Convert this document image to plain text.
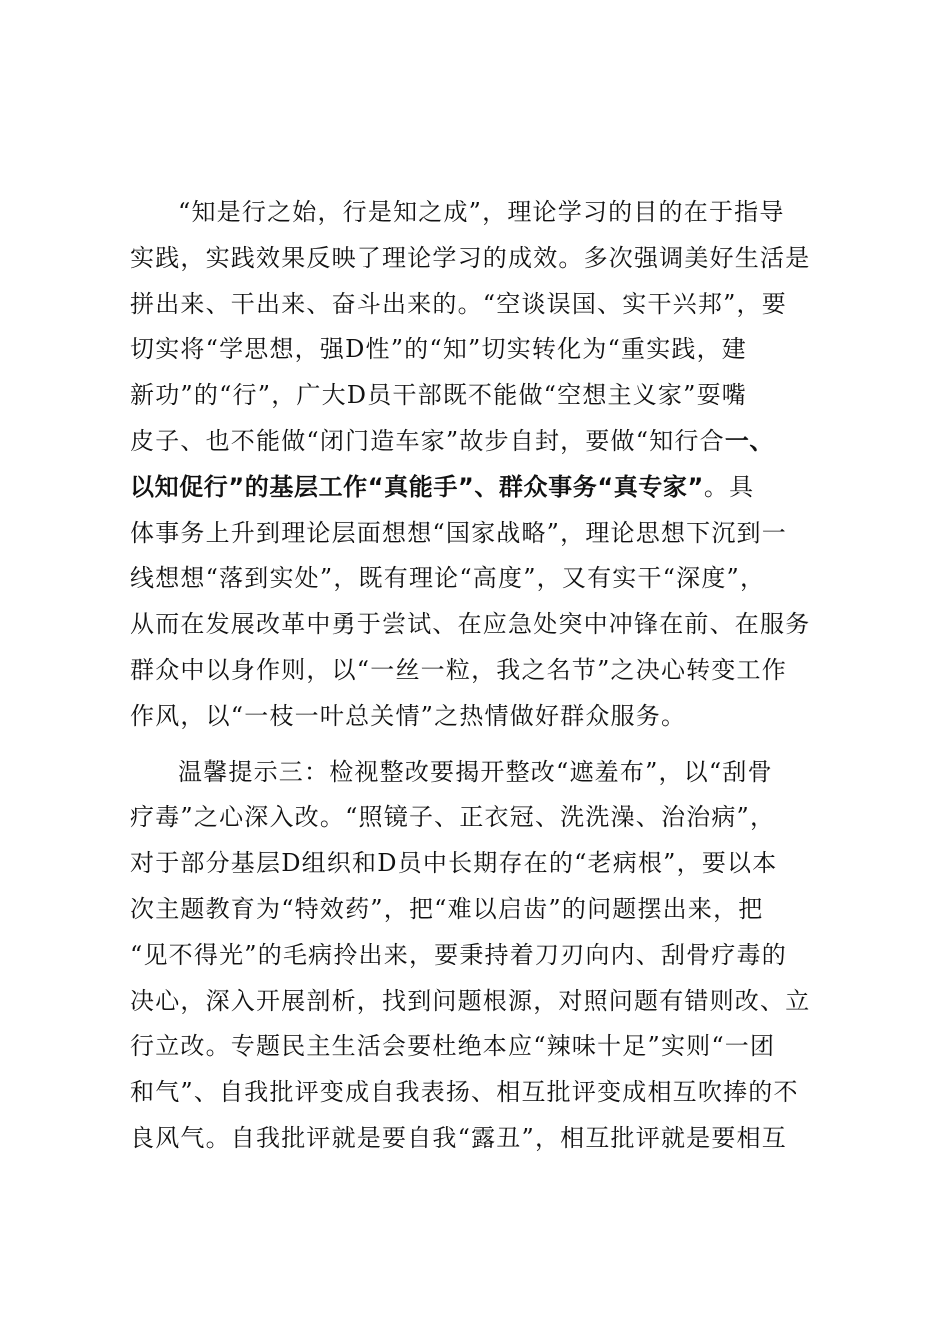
“知是行之始，行是知之成”，理论学习的目的在于指导
实践，实践效果反映了理论学习的成效。多次强调美好生活是
拼出来、干出来、奋斗出来的。“空谈误国、实干兴邦”，要
切实将“学思想，强D性”的“知”切实转化为“重实践，建
新功”的“行”，广大D员干部既不能做“空想主义家”耍嘴
皮子、也不能做“闭门造车家”故步自封，要做“知行合一、
以知促行”的基层工作“真能手”、群众事务“真专家”。具
体事务上升到理论层面想想“国家战略”，理论思想下沉到一
线想想“落到实处”，既有理论“高度”，又有实干“深度”，
从而在发展改革中勇于尝试、在应急处突中冲锋在前、在服务
群众中以身作则，以“一丝一粒，我之名节”之决心转变工作
作风，以“一枝一叶总关情”之热情做好群众服务。
温馨提示三：检视整改要揭开整改“遮羞布”，以“刮骨
疗毒”之心深入改。“照镜子、正衣冠、洗洗澡、治治病”，
对于部分基层D组织和D员中长期存在的“老病根”，要以本
次主题教育为“特效药”，把“难以启齿”的问题摆出来，把
“见不得光”的毛病拎出来，要秉持着刀刃向内、刮骨疗毒的
决心，深入开展剖析，找到问题根源，对照问题有错则改、立
行立改。专题民主生活会要杜绝本应“辣味十足”实则“一团
和气”、自我批评变成自我表扬、相互批评变成相互吹捧的不
良风气。自我批评就是要自我“露丑”，相互批评就是要相互
